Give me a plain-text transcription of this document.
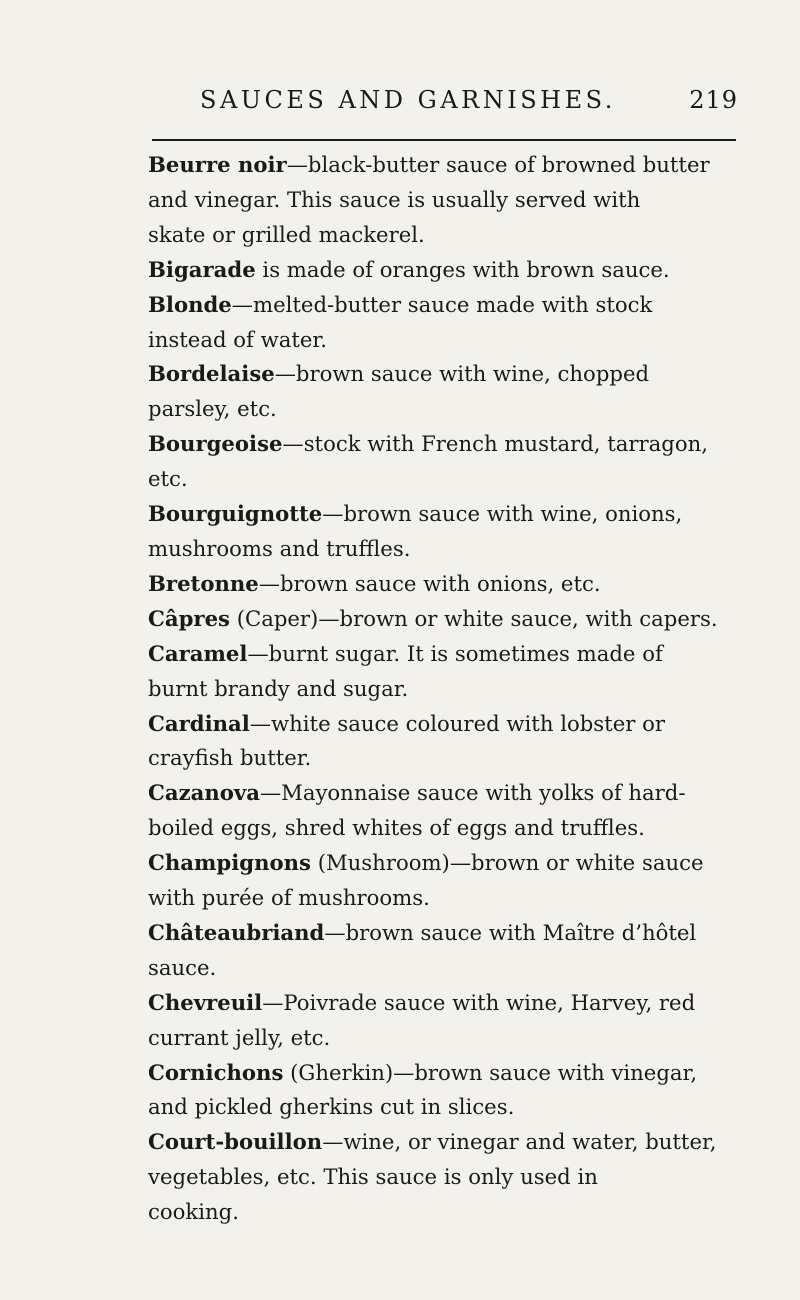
SAUCES AND GARNISHES.	219
Beurre noir—black-butter sauce of browned butter
and vinegar. This sauce is usually served with
skate or grilled mackerel.
Bigarade is made of oranges with brown sauce.
Blonde—melted-butter sauce made with stock
instead of water.
Bordelaise—brown sauce with wine, chopped
parsley, etc.
Bourgeoise—stock with French mustard, tarragon,
etc.
Bourguignotte—brown sauce with wine, onions,
mushrooms and truffles.
Bretonne—brown sauce with onions, etc.
Câpres (Caper)—brown or white sauce, with capers.
Caramel—burnt sugar. It is sometimes made of
burnt brandy and sugar.
Cardinal—white sauce coloured with lobster or
crayfish butter.
Cazanova—Mayonnaise sauce with yolks of hard-
boiled eggs, shred whites of eggs and truffles.
Champignons (Mushroom)—brown or white sauce
with purée of mushrooms.
Châteaubriand—brown sauce with Maître d’hôtel
sauce.
Chevreuil—Poivrade sauce with wine, Harvey, red
currant jelly, etc.
Cornichons (Gherkin)—brown sauce with vinegar,
and pickled gherkins cut in slices.
Court-bouillon—wine, or vinegar and water, butter,
vegetables, etc. This sauce is only used in
cooking.
